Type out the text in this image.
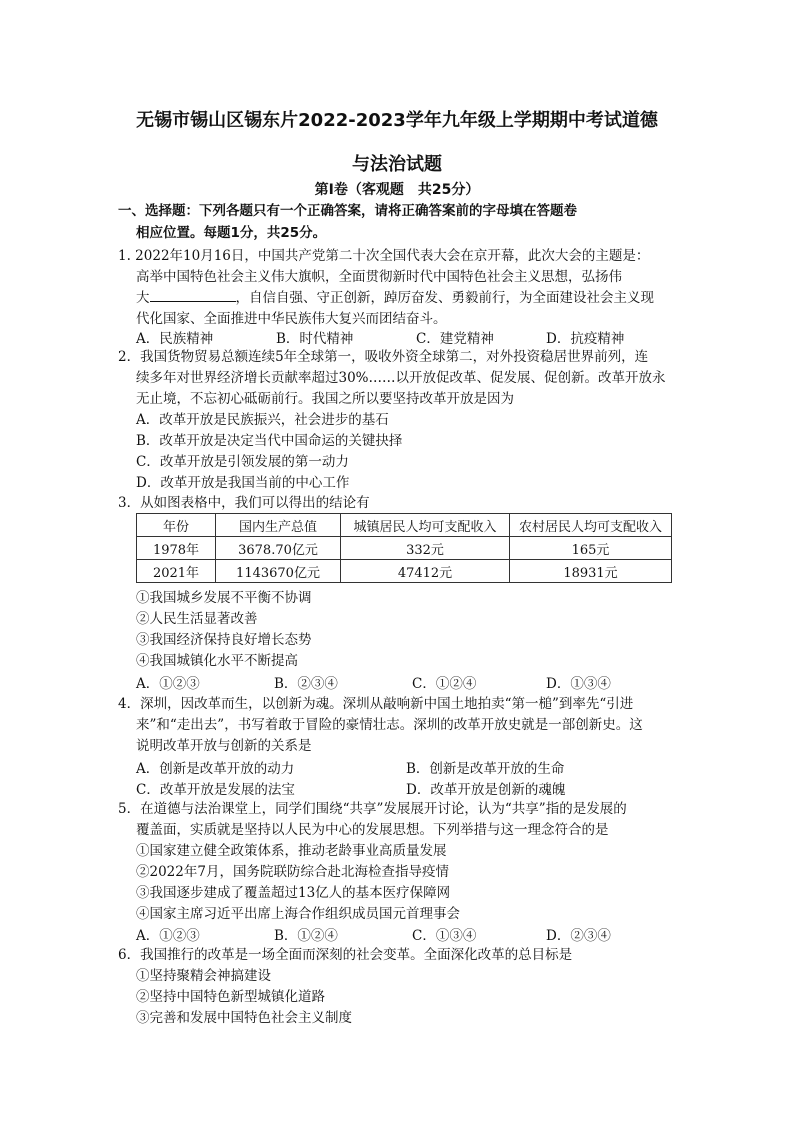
无锡市锡山区锡东片2022-2023学年九年级上学期期中考试道德
与法治试题
第Ⅰ卷（客观题　共25分）
一、选择题：下列各题只有一个正确答案，请将正确答案前的字母填在答题卷
相应位置。每题1分，共25分。
1. 2022年10月16日，中国共产党第二十次全国代表大会在京开幕，此次大会的主题是：
高举中国特色社会主义伟大旗帜，全面贯彻新时代中国特色社会主义思想，弘扬伟
大	，自信自强、守正创新，踔厉奋发、勇毅前行，为全面建设社会主义现
代化国家、全面推进中华民族伟大复兴而团结奋斗。
A．民族精神	B．时代精神	C．建党精神	D．抗疫精神
2．我国货物贸易总额连续5年全球第一，吸收外资全球第二，对外投资稳居世界前列，连
续多年对世界经济增长贡献率超过30%……以开放促改革、促发展、促创新。改革开放永
无止境，不忘初心砥砺前行。我国之所以要坚持改革开放是因为
A．改革开放是民族振兴，社会进步的基石
B．改革开放是决定当代中国命运的关键抉择
C．改革开放是引领发展的第一动力
D．改革开放是我国当前的中心工作
3．从如图表格中，我们可以得出的结论有
年份	国内生产总值	城镇居民人均可支配收入	农村居民人均可支配收入
1978年	3678.70亿元	332元	165元
2021年	1143670亿元	47412元	18931元
①我国城乡发展不平衡不协调
②人民生活显著改善
③我国经济保持良好增长态势
④我国城镇化水平不断提高
A．①②③	B．②③④	C．①②④	D．①③④
4．深圳，因改革而生，以创新为魂。深圳从敲响新中国土地拍卖“第一槌”到率先“引进
来”和“走出去”，书写着敢于冒险的豪情壮志。深圳的改革开放史就是一部创新史。这
说明改革开放与创新的关系是
A．创新是改革开放的动力	B．创新是改革开放的生命
C．改革开放是发展的法宝	D．改革开放是创新的魂魄
5．在道德与法治课堂上，同学们围绕“共享”发展展开讨论，认为“共享”指的是发展的
覆盖面，实质就是坚持以人民为中心的发展思想。下列举措与这一理念符合的是
①国家建立健全政策体系，推动老龄事业高质量发展
②2022年7月，国务院联防综合赴北海检查指导疫情
③我国逐步建成了覆盖超过13亿人的基本医疗保障网
④国家主席习近平出席上海合作组织成员国元首理事会
A．①②③	B．①②④	C．①③④	D．②③④
6．我国推行的改革是一场全面而深刻的社会变革。全面深化改革的总目标是
①坚持聚精会神搞建设
②坚持中国特色新型城镇化道路
③完善和发展中国特色社会主义制度
